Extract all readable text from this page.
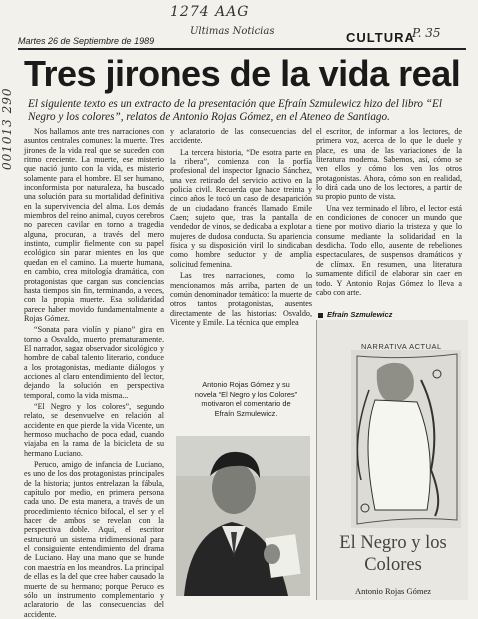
1274 AAG
Ultimas Noticias	P. 35
001013 290
Martes 26 de Septiembre de 1989	CULTURA
Tres jirones de la vida real
El siguiente texto es un extracto de la presentación que Efraín Szmulewicz hizo del libro “El Negro y los colores”, relatos de Antonio Rojas Gómez, en el Ateneo de Santiago.

Nos hallamos ante tres narraciones con asuntos centrales comunes: la muerte. Tres jirones de la vida real que se suceden con ritmo creciente. La muerte, ese misterio que nació junto con la vida, es misterio solamente para el hombre. El ser humano, inconformista por naturaleza, ha buscado una solución para su mortalidad definitiva en la supervivencia del alma. Los demás miembros del reino animal, cuyos cerebros no parecen cavilar en torno a tragedia alguna, procuran, a través del mero instinto, cumplir fielmente con su papel ecológico sin parar mientes en los que quedan en el camino. La muerte humana, en cambio, crea mitología dramática, con protagonistas que cargan sus conciencias hasta tiempos sin fin, terminando, a veces, con la propia muerte. Esa solidaridad parece haber movido fundamentalmente a Rojas Gómez.

“Sonata para violín y piano” gira en torno a Osvaldo, muerto prematuramente. El narrador, sagaz observador sicológico y hombre de cabal talento literario, conduce a los protagonistas, mediante diálogos y acciones al claro entendimiento del lector, dejando la solución en perspectiva temporal, como la vida misma...

“El Negro y los colores”, segundo relato, se desenvuelve en relación al accidente en que pierde la vida Vicente, un hermoso muchacho de poca edad, cuando viajaba en la rama de la bicicleta de su hermano Luciano.

Peruco, amigo de infancia de Luciano, es uno de los dos protagonistas principales de la historia; juntos entrelazan la fábula, capítulo por medio, en primera persona cada uno. De esta manera, a través de un procedimiento técnico bifocal, el ser y el hacer de ambos se revelan con la perspectiva doble. Aquí, el escritor estructuró un sistema tridimensional para el consiguiente entendimiento del drama de Luciano. Hay una mano que se hunde con maestría en los meandros. La principal de ellas es la del que cree haber causado la muerte de su hermano; porque Peruco es sólo un instrumento complementario y aclaratorio de las consecuencias del accidente.

y aclaratorio de las consecuencias del accidente.

La tercera historia, “De esotra parte en la ribera”, comienza con la porfía profesional del inspector Ignacio Sánchez, una vez retirado del servicio activo en la policía civil. Recuerda que hace treinta y cinco años le tocó un caso de desaparición de un ciudadano francés llamado Emile Caen; sujeto que, tras la pantalla de vendedor de vinos, se dedicaba a explotar a mujeres de dudosa conducta. Su apariencia física y su disposición viril lo sindicaban como hombre seductor y de amplia solicitud femenina.

Las tres narraciones, como lo mencionamos más arriba, parten de un común denominador temático: la muerte de otros tantos protagonistas, ausentes directamente de las historias: Osvaldo, Vicente y Emile. La técnica que emplea

el escritor, de informar a los lectores, de primera voz, acerca de lo que le duele y place, es una de las variaciones de la literatura moderna. Sabemos, así, cómo se ven ellos y cómo los ven los otros protagonistas. Ahora, cómo son en realidad, lo dirá cada uno de los lectores, a partir de su propio punto de vista.

Una vez terminado el libro, el lector está en condiciones de conocer un mundo que tiene por motivo diario la tristeza y que lo consume mediante la solidaridad en la desdicha. Todo ello, ausente de rebeliones espectaculares, de suspensos dramáticos y de clímax. En resumen, una literatura sumamente difícil de elaborar sin caer en todo. Y Antonio Rojas Gómez lo lleva a cabo con arte.

Efraín Szmulewicz
Antonio Rojas Gómez y su novela “El Negro y los Colores” motivaron el comentario de Efraín Szmulewicz.
NARRATIVA ACTUAL
El Negro y los Colores
Antonio Rojas Gómez
